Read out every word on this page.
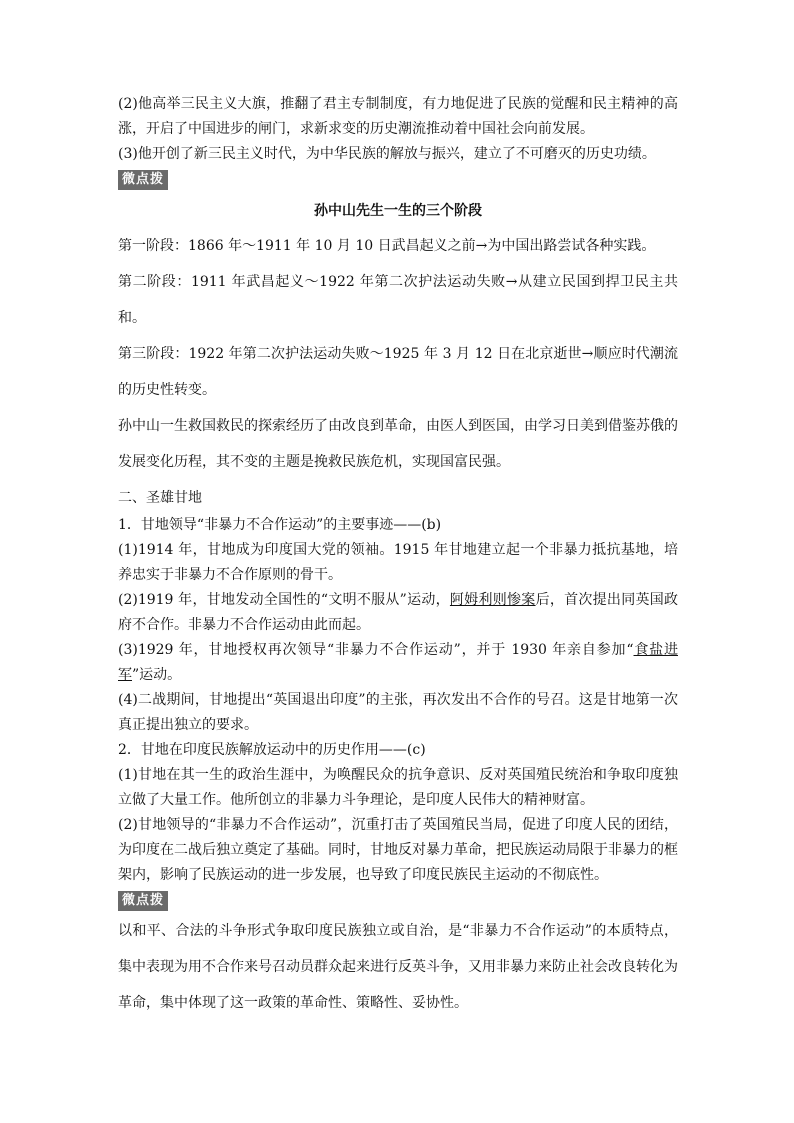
(2)他高举三民主义大旗，推翻了君主专制制度，有力地促进了民族的觉醒和民主精神的高涨，开启了中国进步的闸门，求新求变的历史潮流推动着中国社会向前发展。

(3)他开创了新三民主义时代，为中华民族的解放与振兴，建立了不可磨灭的历史功绩。

微点拨

孙中山先生一生的三个阶段

第一阶段：1866 年～1911 年 10 月 10 日武昌起义之前→为中国出路尝试各种实践。

第二阶段：1911 年武昌起义～1922 年第二次护法运动失败→从建立民国到捍卫民主共和。

第三阶段：1922 年第二次护法运动失败～1925 年 3 月 12 日在北京逝世→顺应时代潮流的历史性转变。

孙中山一生救国救民的探索经历了由改良到革命，由医人到医国，由学习日美到借鉴苏俄的发展变化历程，其不变的主题是挽救民族危机，实现国富民强。

二、圣雄甘地

1．甘地领导“非暴力不合作运动”的主要事迹——(b)

(1)1914 年，甘地成为印度国大党的领袖。1915 年甘地建立起一个非暴力抵抗基地，培养忠实于非暴力不合作原则的骨干。

(2)1919 年，甘地发动全国性的“文明不服从”运动，阿姆利则惨案后，首次提出同英国政府不合作。非暴力不合作运动由此而起。

(3)1929 年，甘地授权再次领导“非暴力不合作运动”，并于 1930 年亲自参加“食盐进军”运动。

(4)二战期间，甘地提出“英国退出印度”的主张，再次发出不合作的号召。这是甘地第一次真正提出独立的要求。

2．甘地在印度民族解放运动中的历史作用——(c)

(1)甘地在其一生的政治生涯中，为唤醒民众的抗争意识、反对英国殖民统治和争取印度独立做了大量工作。他所创立的非暴力斗争理论，是印度人民伟大的精神财富。

(2)甘地领导的“非暴力不合作运动”，沉重打击了英国殖民当局，促进了印度人民的团结，为印度在二战后独立奠定了基础。同时，甘地反对暴力革命，把民族运动局限于非暴力的框架内，影响了民族运动的进一步发展，也导致了印度民族民主运动的不彻底性。

微点拨

以和平、合法的斗争形式争取印度民族独立或自治，是“非暴力不合作运动”的本质特点，集中表现为用不合作来号召动员群众起来进行反英斗争，又用非暴力来防止社会改良转化为革命，集中体现了这一政策的革命性、策略性、妥协性。
